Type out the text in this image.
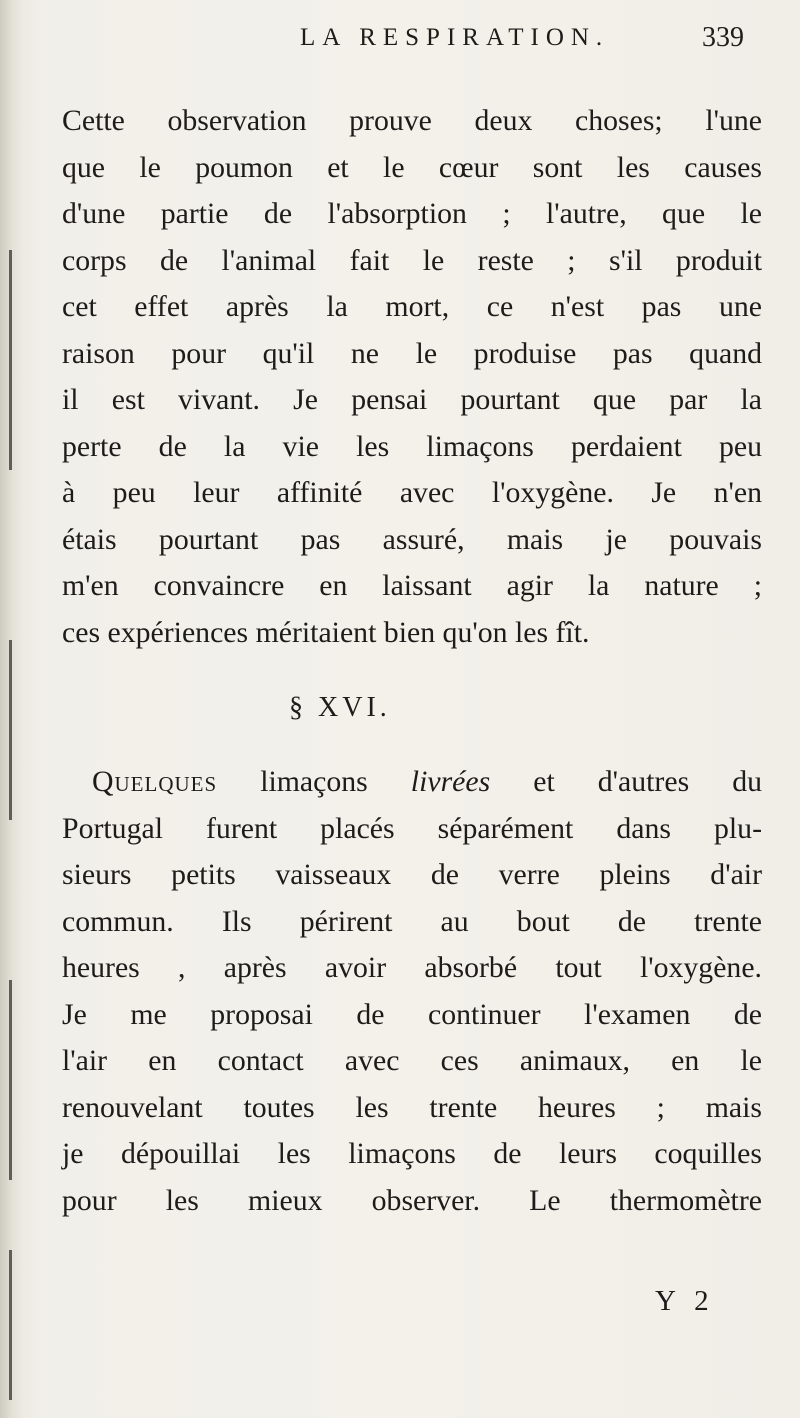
LA RESPIRATION.	339
Cette observation prouve deux choses; l'une
que le poumon et le cœur sont les causes
d'une partie de l'absorption ; l'autre, que le
corps de l'animal fait le reste ; s'il produit
cet effet après la mort, ce n'est pas une
raison pour qu'il ne le produise pas quand
il est vivant. Je pensai pourtant que par la
perte de la vie les limaçons perdaient peu
à peu leur affinité avec l'oxygène. Je n'en
étais pourtant pas assuré, mais je pouvais
m'en convaincre en laissant agir la nature ;
ces expériences méritaient bien qu'on les fît.
§ XVI.
Quelques limaçons livrées et d'autres du
Portugal furent placés séparément dans plu-
sieurs petits vaisseaux de verre pleins d'air
commun. Ils périrent au bout de trente
heures , après avoir absorbé tout l'oxygène.
Je me proposai de continuer l'examen de
l'air en contact avec ces animaux, en le
renouvelant toutes les trente heures ; mais
je dépouillai les limaçons de leurs coquilles
pour les mieux observer. Le thermomètre
Y 2
